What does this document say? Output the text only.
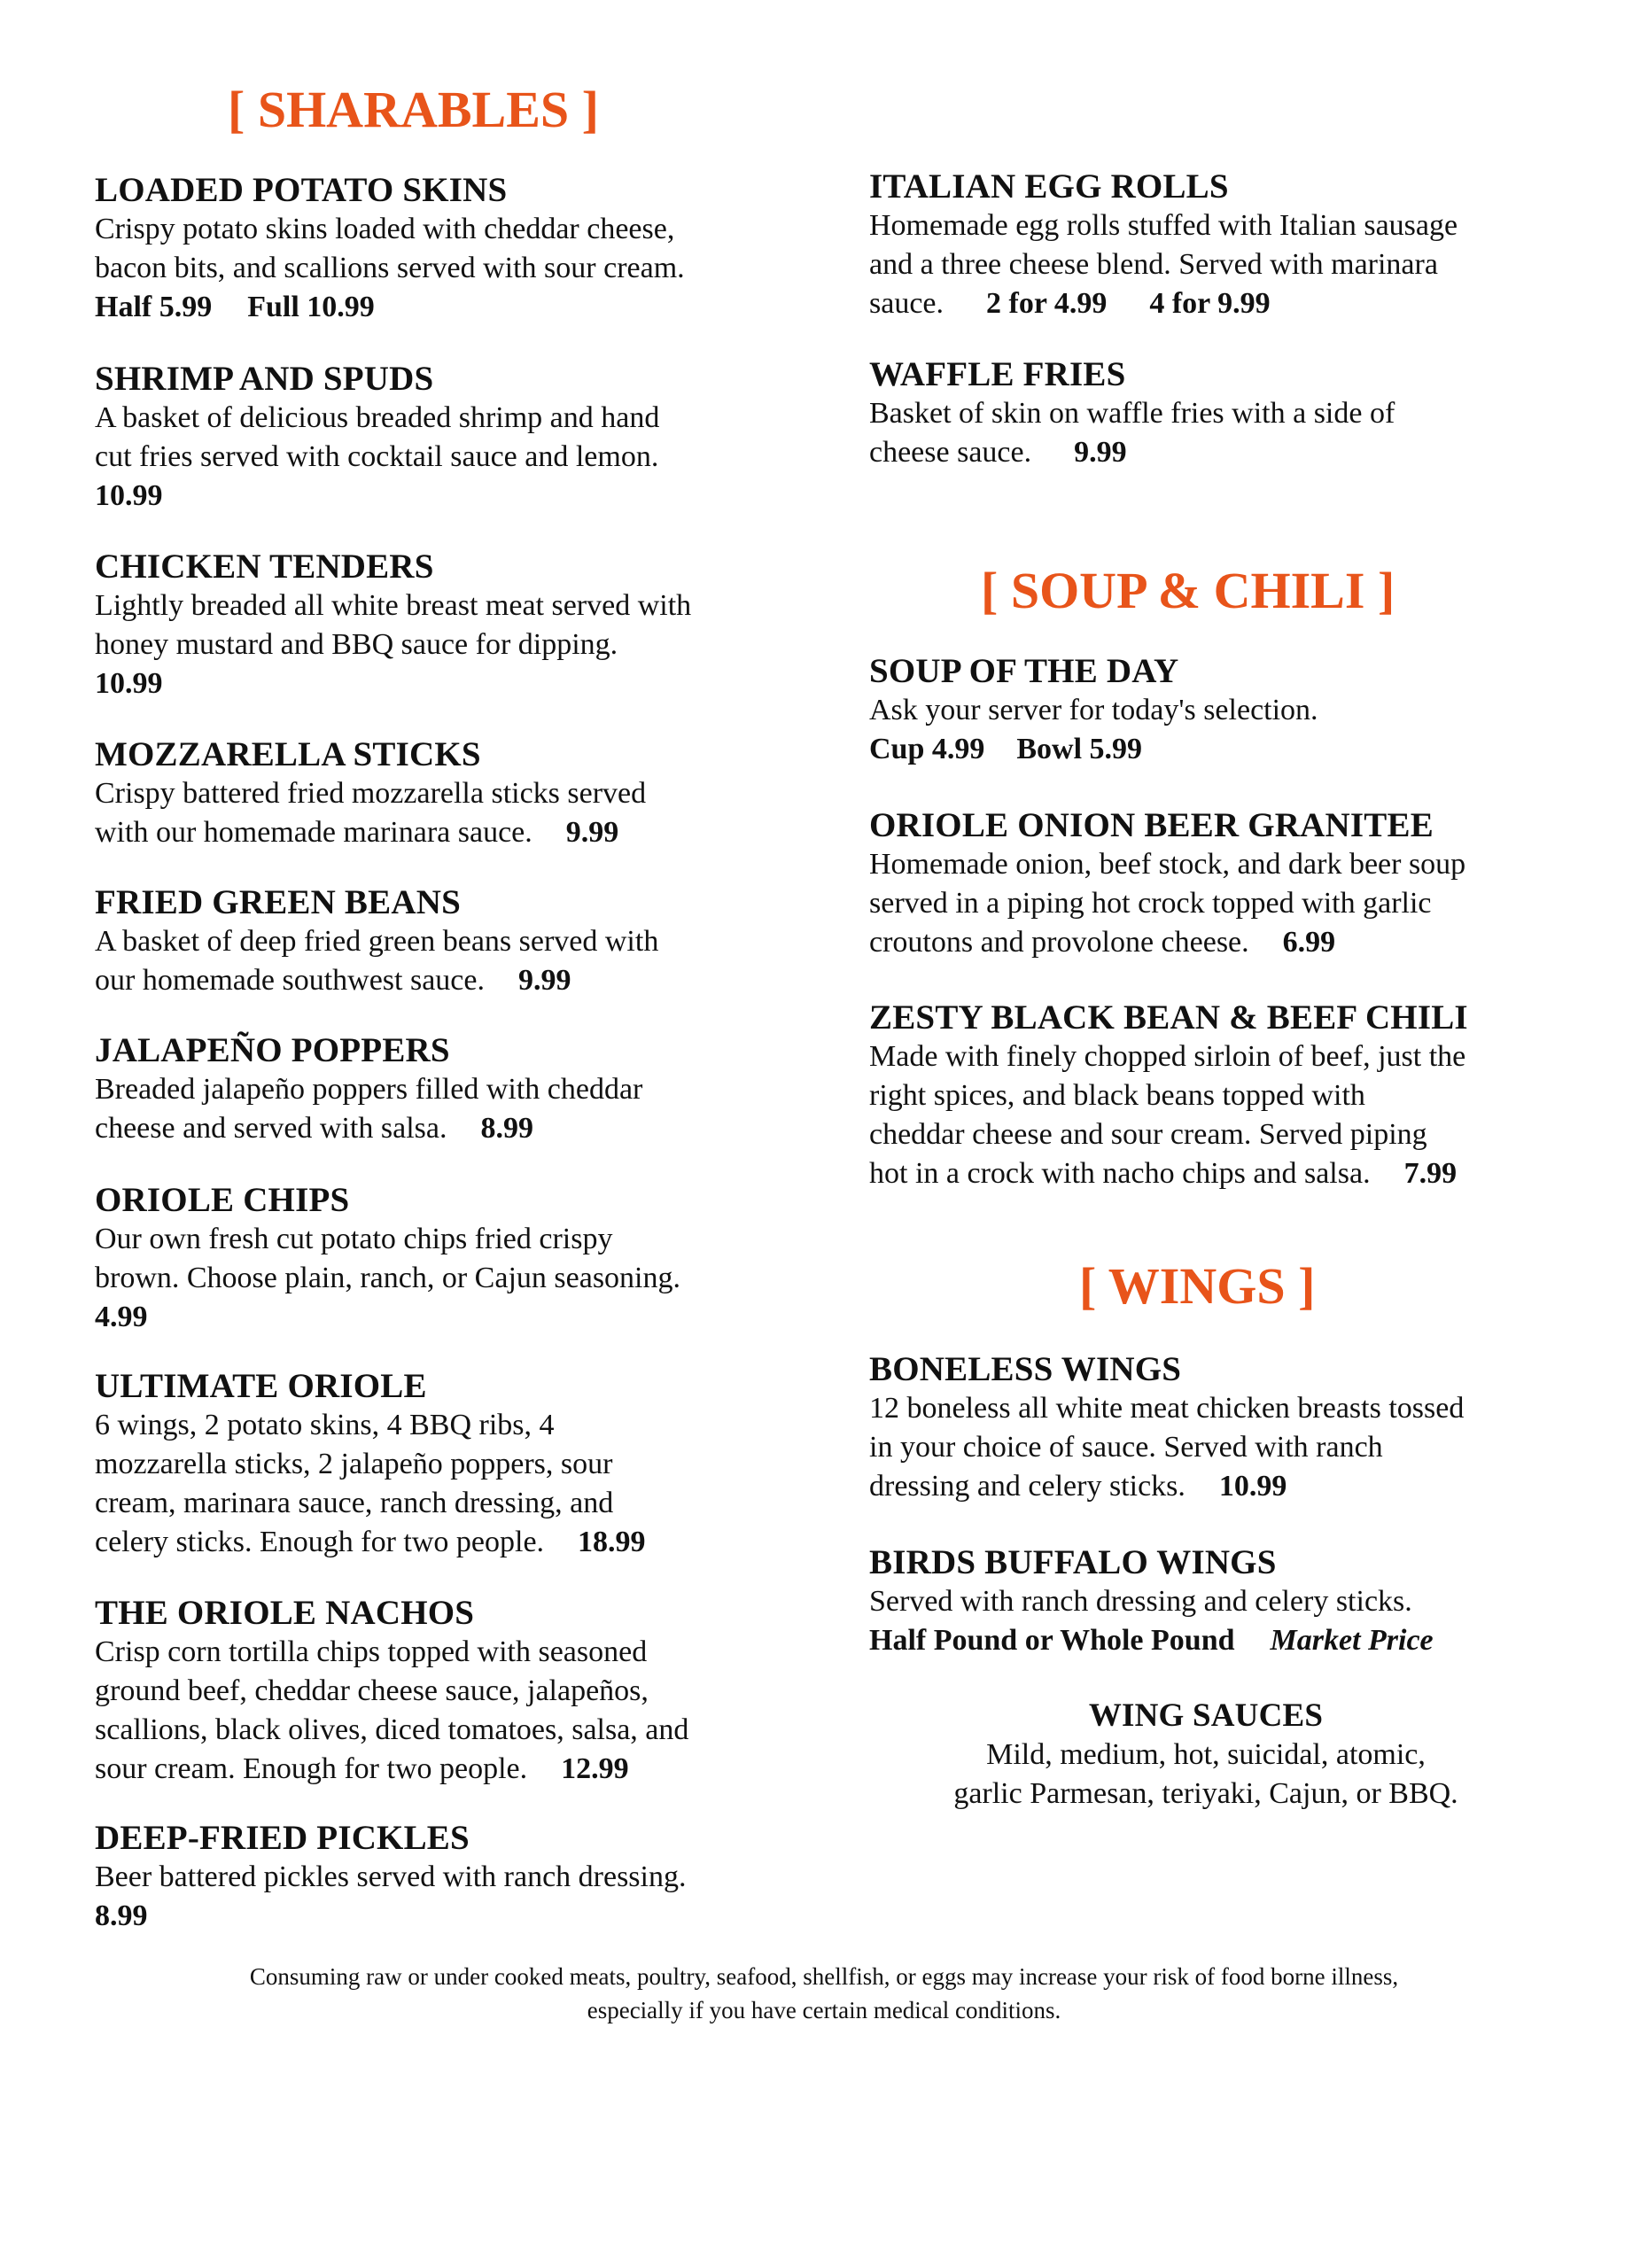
[ SHARABLES ]
LOADED POTATO SKINS
Crispy potato skins loaded with cheddar cheese,
bacon bits, and scallions served with sour cream.
Half 5.99 Full 10.99
SHRIMP AND SPUDS
A basket of delicious breaded shrimp and hand
cut fries served with cocktail sauce and lemon.
10.99
CHICKEN TENDERS
Lightly breaded all white breast meat served with
honey mustard and BBQ sauce for dipping.
10.99
MOZZARELLA STICKS
Crispy battered fried mozzarella sticks served
with our homemade marinara sauce. 9.99
FRIED GREEN BEANS
A basket of deep fried green beans served with
our homemade southwest sauce. 9.99
JALAPEÑO POPPERS
Breaded jalapeño poppers filled with cheddar
cheese and served with salsa. 8.99
ORIOLE CHIPS
Our own fresh cut potato chips fried crispy
brown. Choose plain, ranch, or Cajun seasoning.
4.99
ULTIMATE ORIOLE
6 wings, 2 potato skins, 4 BBQ ribs, 4
mozzarella sticks, 2 jalapeño poppers, sour
cream, marinara sauce, ranch dressing, and
celery sticks. Enough for two people. 18.99
THE ORIOLE NACHOS
Crisp corn tortilla chips topped with seasoned
ground beef, cheddar cheese sauce, jalapeños,
scallions, black olives, diced tomatoes, salsa, and
sour cream. Enough for two people. 12.99
DEEP-FRIED PICKLES
Beer battered pickles served with ranch dressing.
8.99
ITALIAN EGG ROLLS
Homemade egg rolls stuffed with Italian sausage
and a three cheese blend. Served with marinara
sauce. 2 for 4.99 4 for 9.99
WAFFLE FRIES
Basket of skin on waffle fries with a side of
cheese sauce. 9.99
[ SOUP & CHILI ]
SOUP OF THE DAY
Ask your server for today's selection.
Cup 4.99 Bowl 5.99
ORIOLE ONION BEER GRANITEE
Homemade onion, beef stock, and dark beer soup
served in a piping hot crock topped with garlic
croutons and provolone cheese. 6.99
ZESTY BLACK BEAN & BEEF CHILI
Made with finely chopped sirloin of beef, just the
right spices, and black beans topped with
cheddar cheese and sour cream. Served piping
hot in a crock with nacho chips and salsa. 7.99
[ WINGS ]
BONELESS WINGS
12 boneless all white meat chicken breasts tossed
in your choice of sauce. Served with ranch
dressing and celery sticks. 10.99
BIRDS BUFFALO WINGS
Served with ranch dressing and celery sticks.
Half Pound or Whole Pound Market Price
WING SAUCES
Mild, medium, hot, suicidal, atomic,
garlic Parmesan, teriyaki, Cajun, or BBQ.
Consuming raw or under cooked meats, poultry, seafood, shellfish, or eggs may increase your risk of food borne illness,
especially if you have certain medical conditions.
